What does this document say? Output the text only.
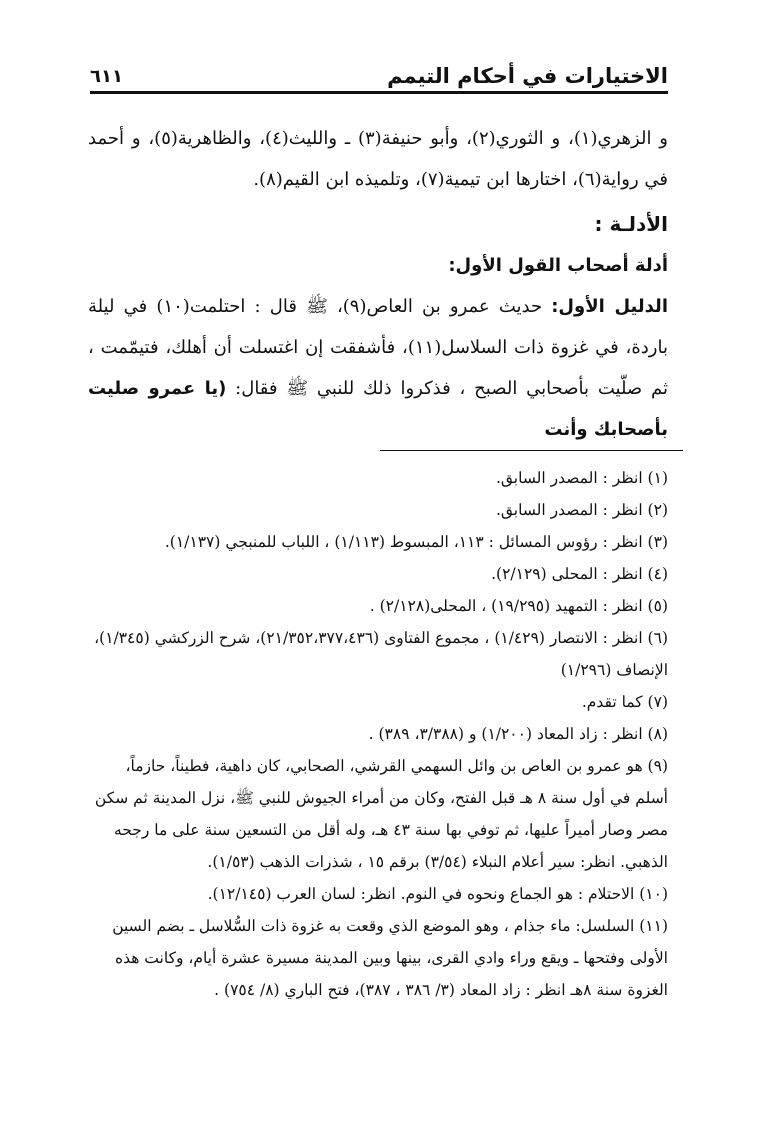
الاختيارات في أحكام التيمم
٦١١

و الزهري(١)، و الثوري(٢)، وأبو حنيفة(٣) ـ والليث(٤)، والظاهرية(٥)، و أحمد في رواية(٦)، اختارها ابن تيمية(٧)، وتلميذه ابن القيم(٨).

الأدلـة :

أدلة أصحاب القول الأول:

الدليل الأول: حديث عمرو بن العاص(٩)، ﷺ قال : احتلمت(١٠) في ليلة باردة، في غزوة ذات السلاسل(١١)، فأشفقت إن اغتسلت أن أهلك، فتيمّمت ، ثم صلّيت بأصحابي الصبح ، فذكروا ذلك للنبي ﷺ فقال: (يا عمرو صليت بأصحابك وأنت

(١) انظر : المصدر السابق.

(٢) انظر : المصدر السابق.

(٣) انظر : رؤوس المسائل : ١١٣، المبسوط (١/١١٣) ، اللباب للمنبجي (١/١٣٧).

(٤) انظر : المحلى (٢/١٢٩).

(٥) انظر : التمهيد (١٩/٢٩٥) ، المحلى(٢/١٢٨) .

(٦) انظر : الانتصار (١/٤٢٩) ، مجموع الفتاوى (٢١/٣٥٢،٣٧٧،٤٣٦)، شرح الزركشي (١/٣٤٥)، الإنصاف (١/٢٩٦)

(٧) كما تقدم.

(٨) انظر : زاد المعاد (١/٢٠٠) و (٣/٣٨٨، ٣٨٩) .

(٩) هو عمرو بن العاص بن وائل السهمي القرشي، الصحابي، كان داهية، فطيناً، حازماً، أسلم في أول سنة ٨ هـ قبل الفتح، وكان من أمراء الجيوش للنبي ﷺ، نزل المدينة ثم سكن مصر وصار أميراً عليها، ثم توفي بها سنة ٤٣ هـ، وله أقل من التسعين سنة على ما رجحه الذهبي. انظر: سير أعلام النبلاء (٣/٥٤) برقم ١٥ ، شذرات الذهب (١/٥٣).

(١٠) الاحتلام : هو الجماع ونحوه في النوم. انظر: لسان العرب (١٢/١٤٥).

(١١) السلسل: ماء جذام ، وهو الموضع الذي وقعت به غزوة ذات السُّلاسل ـ بضم السين الأولى وفتحها ـ ويقع وراء وادي القرى، بينها وبين المدينة مسيرة عشرة أيام، وكانت هذه الغزوة سنة ٨هـ انظر : زاد المعاد (٣/ ٣٨٦ ، ٣٨٧)، فتح الباري (٨/ ٧٥٤) .
